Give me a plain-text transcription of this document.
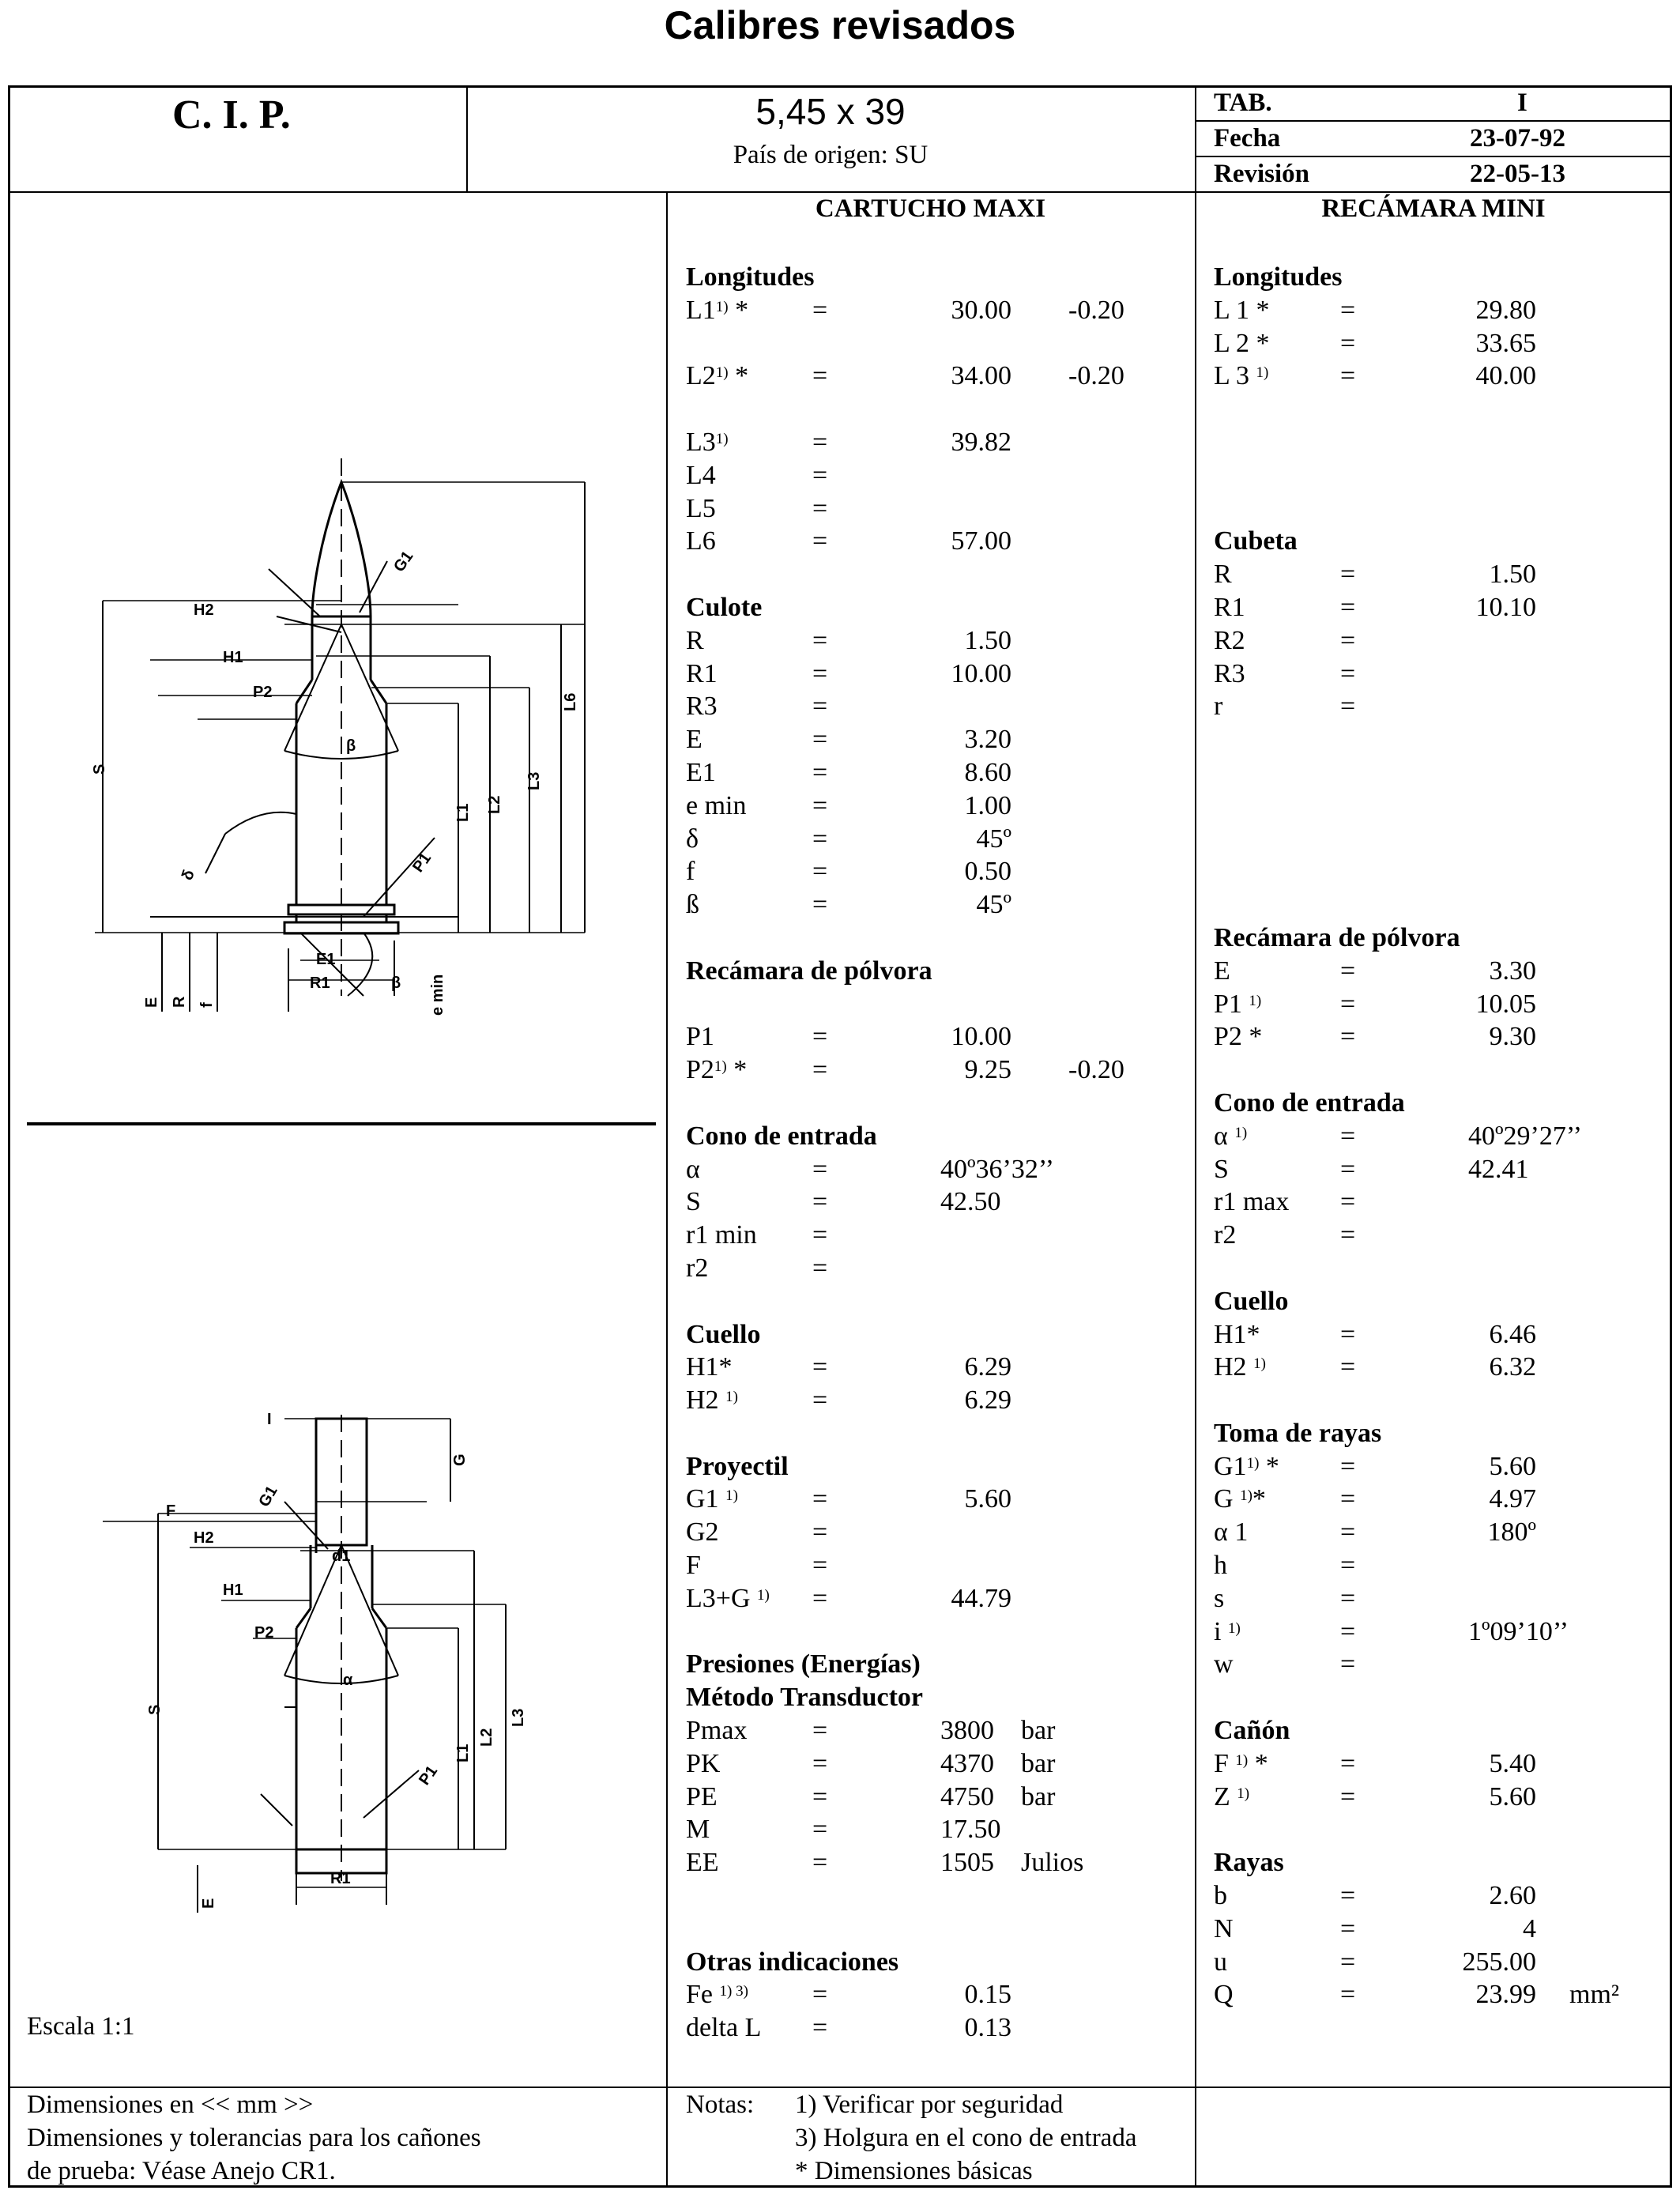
Calibres revisados
C. I. P.	5,45 x 39
País de origen: SU
TAB.	I
Fecha	23-07-92
Revisión	22-05-13
CARTUCHO MAXI	RECÁMARA MINI
Longitudes
L1$^{1)}$ * =	30.00 -0.20
L2$^{1)}$ * =	34.00 -0.20
$L3^{1)}$	=	39.82
L4	=
L5	=
L6	=	57.00
Culote
R	=	1.50
R1	=	10.00
R3	=
E	=	3.20
E1	=	8.60
e min =	1.00
δ	=	45º
f	=	0.50
ß	=	45º
Recámara de pólvora
P1	=	10.00
P2$^{1)}$ * =	9.25 -0.20
Cono de entrada
α	=	40º36’32’’
S	=	42.50
r1 min =
r2	=
Cuello
H1*	=	6.29
H2 $^{1)}$	=	6.29
Proyectil
G1 $^{1)}$	=	5.60
G2	=
F	=
L3+G $^{1)}$ =	44.79
Presiones (Energías)
Método Transductor
Pmax =	3800 bar
PK	=	4370 bar
PE	=	4750 bar
M	=	17.50
EE	=	1505 Julios
Otras indicaciones
Fe $^{1) 3)}$ =	0.15
delta L =	0.13
Longitudes
L 1 *	=	29.80
L 2 *	=	33.65
L 3 $^{1)}$	=	40.00
Cubeta
R	=	1.50
R1	=	10.10
R2	=
R3	=
r	=
Recámara de pólvora
E	=	3.30
P1 $^{1)}$	=	10.05
P2 *	=	9.30
Cono de entrada
α $^{1)}$	=	40º29’27’’
S	=	42.41
r1 max =
r2	=
Cuello
H1*	=	6.46
H2 $^{1)}$	=	6.32
Toma de rayas
G1$^{1)}$ * =	5.60
G $^{1)}$*	=	4.97
α 1	=	180º
h	=
s	=
i $^{1)}$	=	1º09’10’’
w	=
Cañón
F $^{1)}$ *	=	5.40
Z $^{1)}$	=	5.60
Rayas
b	=	2.60
N	=	4
u	=	255.00
Q	=	23.99 mm²
Escala 1:1
Dimensiones en << mm >>
Dimensiones y tolerancias para los cañones
de prueba: Véase Anejo CR1.
Notas: 1) Verificar por seguridad
3) Holgura en el cono de entrada
* Dimensiones básicas
H2
H1
P2
G1
S
L1 L2
L3
L6
β
δ	P1
E1
R1	β e min
E R f
I
G
F
G1
d1
H2
H1
P2
α
S
L1
L2
L3
P1
R1
E
